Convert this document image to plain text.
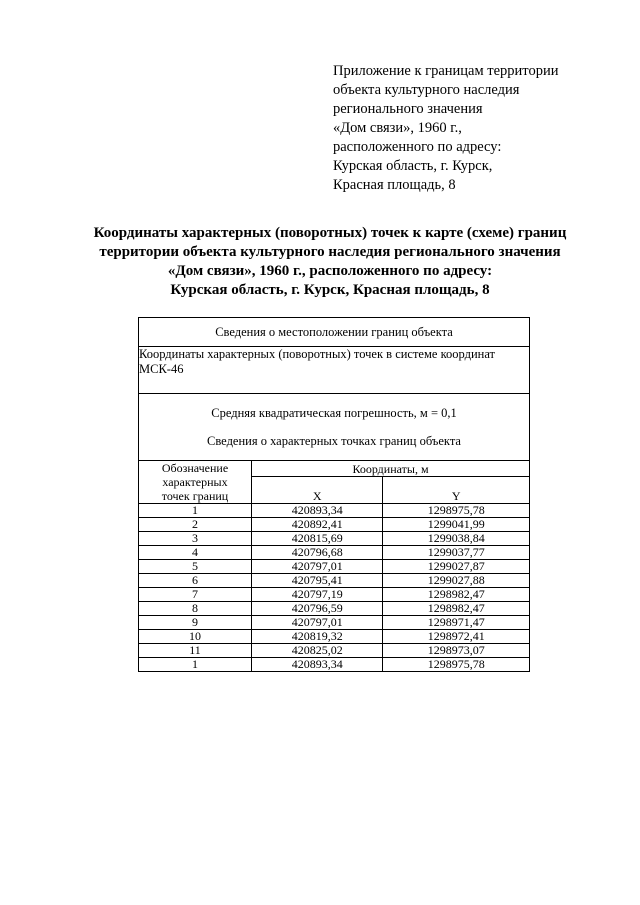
Приложение к границам территории
объекта культурного наследия
регионального значения
«Дом связи», 1960 г.,
расположенного по адресу:
Курская область, г. Курск,
Красная площадь, 8
Координаты характерных (поворотных) точек к карте (схеме) границ
территории объекта культурного наследия регионального значения
«Дом связи», 1960 г., расположенного по адресу:
Курская область, г. Курск, Красная площадь, 8
Сведения о местоположении границ объекта		
Координаты характерных (поворотных) точек в системе координат МСК-46		

Средняя квадратическая погрешность, м = 0,1
Сведения о характерных точках границ объекта		

Обозначение
характерных
точек границ	Координаты, м	
	X	Y
1	420893,34	1298975,78
2	420892,41	1299041,99
3	420815,69	1299038,84
4	420796,68	1299037,77
5	420797,01	1299027,87
6	420795,41	1299027,88
7	420797,19	1298982,47
8	420796,59	1298982,47
9	420797,01	1298971,47
10	420819,32	1298972,41
11	420825,02	1298973,07
1	420893,34	1298975,78
